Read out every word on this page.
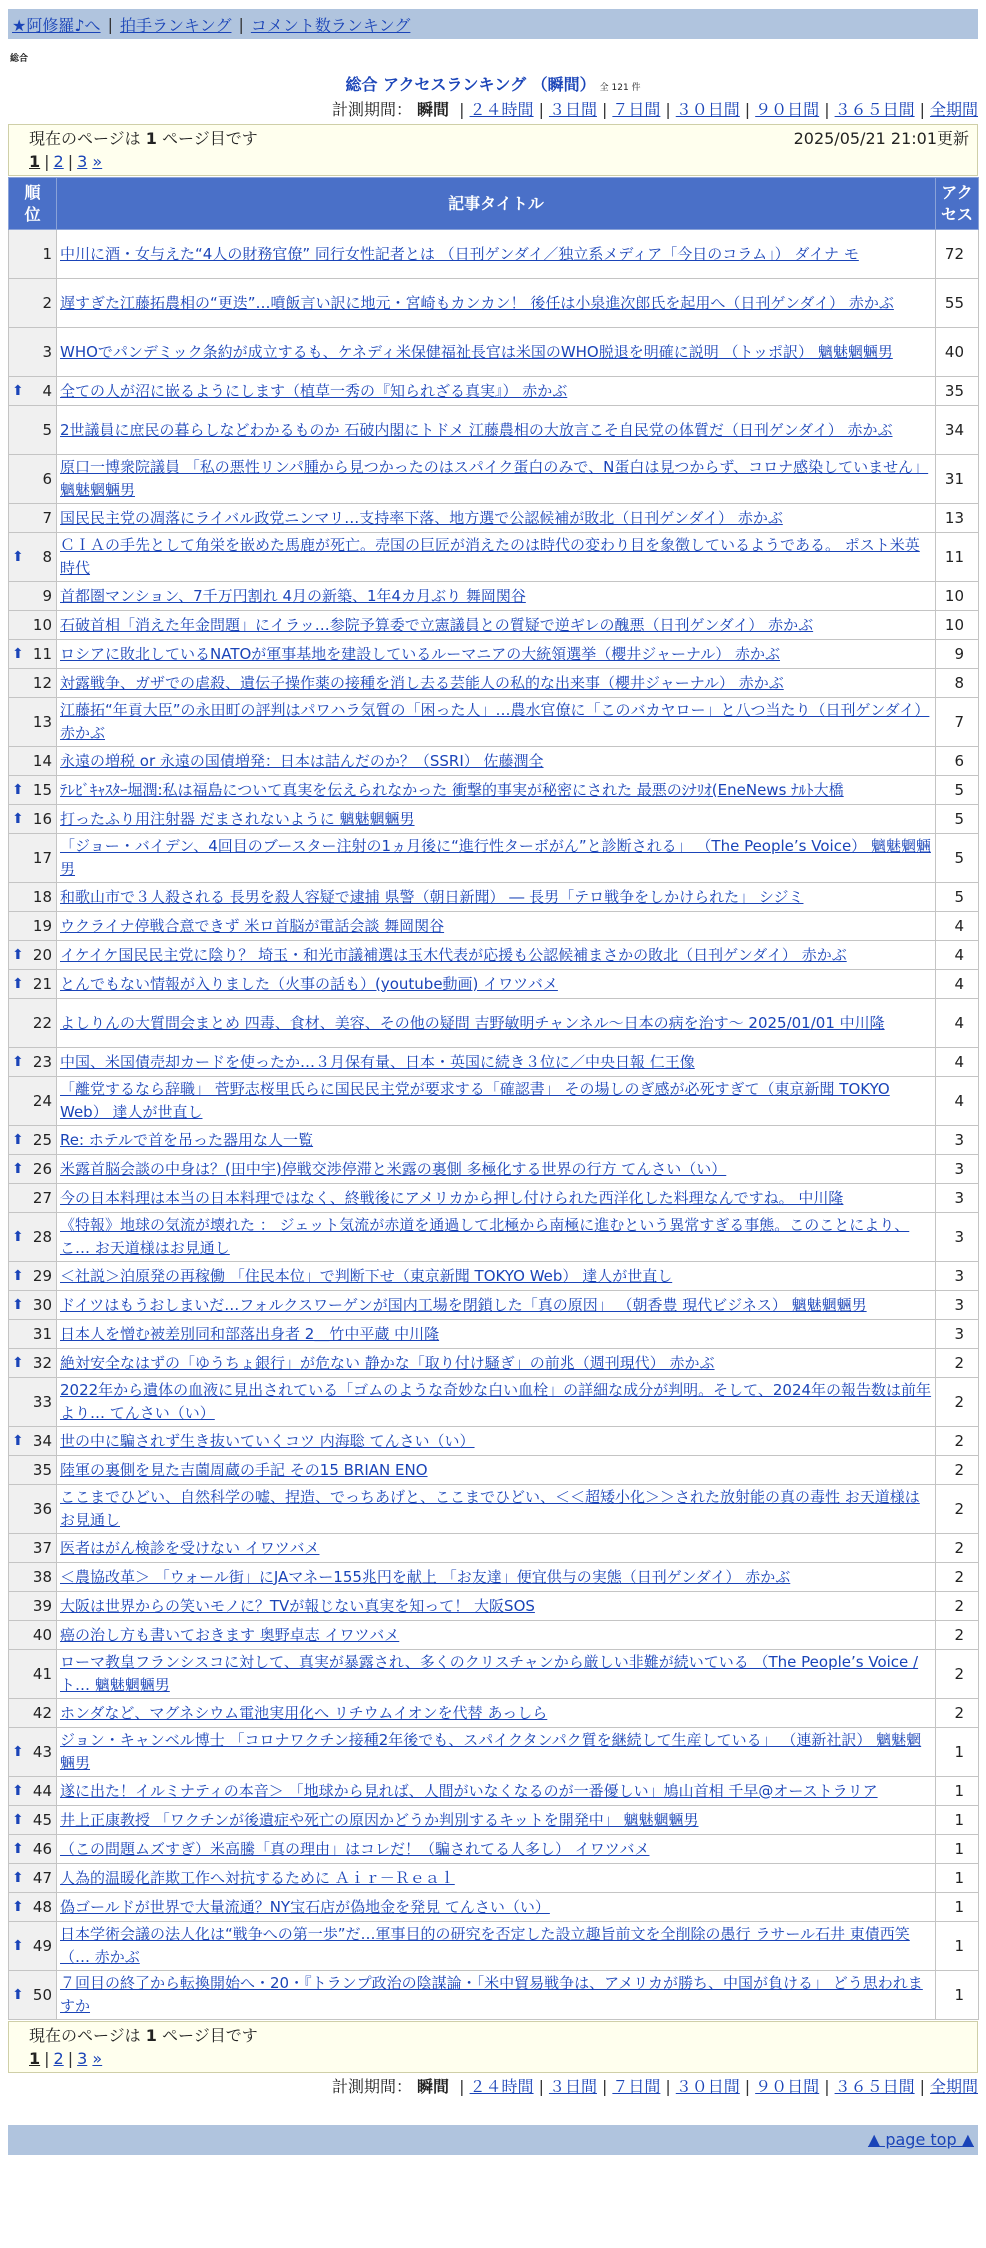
★阿修羅♪へ | 拍手ランキング | コメント数ランキング
総合
総合 アクセスランキング （瞬間） 全 121 件
計測期間： 瞬間 | ２４時間 | ３日間 | ７日間 | ３０日間 | ９０日間 | ３６５日間 | 全期間
現在のページは 1 ページ目です	2025/05/21 21:01更新
1 | 2 | 3 »
順
位	記事タイトル	アク
セス
1	中川に酒・女与えた“4人の財務官僚” 同行女性記者とは （日刊ゲンダイ／独立系メディア「今日のコラム」） ダイナ モ	72
2	遅すぎた江藤拓農相の“更迭”…噴飯言い訳に地元・宮崎もカンカン！ 後任は小泉進次郎氏を起用へ（日刊ゲンダイ） 赤かぶ	55
3	WHOでパンデミック条約が成立するも、ケネディ米保健福祉長官は米国のWHO脱退を明確に説明 （トッポ訳） 魑魅魍魎男	40

⬆ 4	全ての人が沼に嵌るようにします（植草一秀の『知られざる真実』） 赤かぶ	35
5	2世議員に庶民の暮らしなどわかるものか 石破内閣にトドメ 江藤農相の大放言こそ自民党の体質だ（日刊ゲンダイ） 赤かぶ	34
6	原口一博衆院議員 「私の悪性リンパ腫から見つかったのはスパイク蛋白のみで、N蛋白は見つからず、コロナ感染していません」 魑魅魍魎男	31
7	国民民主党の凋落にライバル政党ニンマリ…支持率下落、地方選で公認候補が敗北（日刊ゲンダイ） 赤かぶ	13

⬆ 8	ＣＩＡの手先として角栄を嵌めた馬鹿が死亡。売国の巨匠が消えたのは時代の変わり目を象徴しているようである。 ポスト米英時代	11
9	首都圏マンション、7千万円割れ 4月の新築、1年4カ月ぶり 舞岡関谷	10
10	石破首相「消えた年金問題」にイラッ…参院予算委で立憲議員との質疑で逆ギレの醜悪（日刊ゲンダイ） 赤かぶ	10

⬆ 11	ロシアに敗北しているNATOが軍事基地を建設しているルーマニアの大統領選挙（櫻井ジャーナル） 赤かぶ	9
12	対露戦争、ガザでの虐殺、遺伝子操作薬の接種を消し去る芸能人の私的な出来事（櫻井ジャーナル） 赤かぶ	8
13	江藤拓“年貢大臣”の永田町の評判はパワハラ気質の「困った人」…農水官僚に「このバカヤロー」と八つ当たり（日刊ゲンダイ） 赤かぶ	7
14	永遠の増税 or 永遠の国債増発：日本は詰んだのか？（SSRI） 佐藤潤全	6

⬆ 15	ﾃﾚﾋﾞｷｬｽﾀｰ堀潤:私は福島について真実を伝えられなかった 衝撃的事実が秘密にされた 最悪のｼﾅﾘｵ(EneNews ﾅﾙﾄ大橋	5

⬆ 16	打ったふり用注射器 だまされないように 魑魅魍魎男	5
17	「ジョー・バイデン、4回目のブースター注射の1ヵ月後に“進行性ターボがん”と診断される」 （The People’s Voice） 魑魅魍魎男	5
18	和歌山市で３人殺される 長男を殺人容疑で逮捕 県警（朝日新聞） ― 長男「テロ戦争をしかけられた」 シジミ	5
19	ウクライナ停戦合意できず 米ロ首脳が電話会談 舞岡関谷	4

⬆ 20	イケイケ国民民主党に陰り？ 埼玉・和光市議補選は玉木代表が応援も公認候補まさかの敗北（日刊ゲンダイ） 赤かぶ	4

⬆ 21	とんでもない情報が入りました（火事の話も）(youtube動画) イワツバメ	4
22	よしりんの大質問会まとめ 四毒、食材、美容、その他の疑問 吉野敏明チャンネル〜日本の病を治す〜 2025/01/01 中川隆	4

⬆ 23	中国、米国債売却カードを使ったか…３月保有量、日本・英国に続き３位に／中央日報 仁王像	4
24	「離党するなら辞職」 菅野志桜里氏らに国民民主党が要求する「確認書」 その場しのぎ感が必死すぎて（東京新聞 TOKYO Web） 達人が世直し	4

⬆ 25	Re: ホテルで首を吊った器用な人一覧	3

⬆ 26	米露首脳会談の中身は？(田中宇)停戦交渉停滞と米露の裏側 多極化する世界の行方 てんさい（い）	3
27	今の日本料理は本当の日本料理ではなく、終戦後にアメリカから押し付けられた西洋化した料理なんですね。 中川隆	3

⬆ 28	《特報》地球の気流が壊れた ： ジェット気流が赤道を通過して北極から南極に進むという異常すぎる事態。このことにより、こ… お天道様はお見通し	3

⬆ 29	＜社説＞泊原発の再稼働 「住民本位」で判断下せ（東京新聞 TOKYO Web） 達人が世直し	3

⬆ 30	ドイツはもうおしまいだ…フォルクスワーゲンが国内工場を閉鎖した「真の原因」 （朝香豊 現代ビジネス） 魑魅魍魎男	3
31	日本人を憎む被差別同和部落出身者 2＿竹中平蔵 中川隆	3

⬆ 32	絶対安全なはずの「ゆうちょ銀行」が危ない 静かな「取り付け騒ぎ」の前兆（週刊現代） 赤かぶ	2
33	2022年から遺体の血液に見出されている「ゴムのような奇妙な白い血栓」の詳細な成分が判明。そして、2024年の報告数は前年より… てんさい（い）	2

⬆ 34	世の中に騙されず生き抜いていくコツ 内海聡 てんさい（い）	2
35	陸軍の裏側を見た吉薗周蔵の手記 その15 BRIAN ENO	2
36	ここまでひどい、自然科学の嘘、捏造、でっちあげと、ここまでひどい、＜＜超矮小化＞＞された放射能の真の毒性 お天道様はお見通し	2
37	医者はがん検診を受けない イワツバメ	2
38	＜農協改革＞ 「ウォール街」にJAマネー155兆円を献上 「お友達」便宜供与の実態（日刊ゲンダイ） 赤かぶ	2
39	大阪は世界からの笑いモノに？TVが報じない真実を知って！ 大阪SOS	2
40	癌の治し方も書いておきます 奥野卓志 イワツバメ	2
41	ローマ教皇フランシスコに対して、真実が暴露され、多くのクリスチャンから厳しい非難が続いている （The People’s Voice / ト… 魑魅魍魎男	2
42	ホンダなど、マグネシウム電池実用化へ リチウムイオンを代替 あっしら	2

⬆ 43	ジョン・キャンベル博士 「コロナワクチン接種2年後でも、スパイクタンパク質を継続して生産している」 （連新社訳） 魑魅魍魎男	1

⬆ 44	遂に出た！イルミナティの本音＞ 「地球から見れば、人間がいなくなるのが一番優しい」鳩山首相 千早@オーストラリア	1

⬆ 45	井上正康教授 「ワクチンが後遺症や死亡の原因かどうか判別するキットを開発中」 魑魅魍魎男	1

⬆ 46	（この問題ムズすぎ）米高騰「真の理由」はコレだ！（騙されてる人多し） イワツバメ	1

⬆ 47	人為的温暖化詐欺工作へ対抗するために Ａｉｒ－Ｒｅａｌ	1

⬆ 48	偽ゴールドが世界で大量流通？NY宝石店が偽地金を発見 てんさい（い）	1

⬆ 49	日本学術会議の法人化は“戦争への第一歩”だ…軍事目的の研究を否定した設立趣旨前文を全削除の愚行 ラサール石井 東債西笑（… 赤かぶ	1

⬆ 50	７回目の終了から転換開始へ・20・『トランプ政治の陰謀論・「米中貿易戦争は、アメリカが勝ち、中国が負ける」 どう思われますか	1
現在のページは 1 ページ目です
1 | 2 | 3 »
計測期間： 瞬間 | ２４時間 | ３日間 | ７日間 | ３０日間 | ９０日間 | ３６５日間 | 全期間
▲ page top ▲
